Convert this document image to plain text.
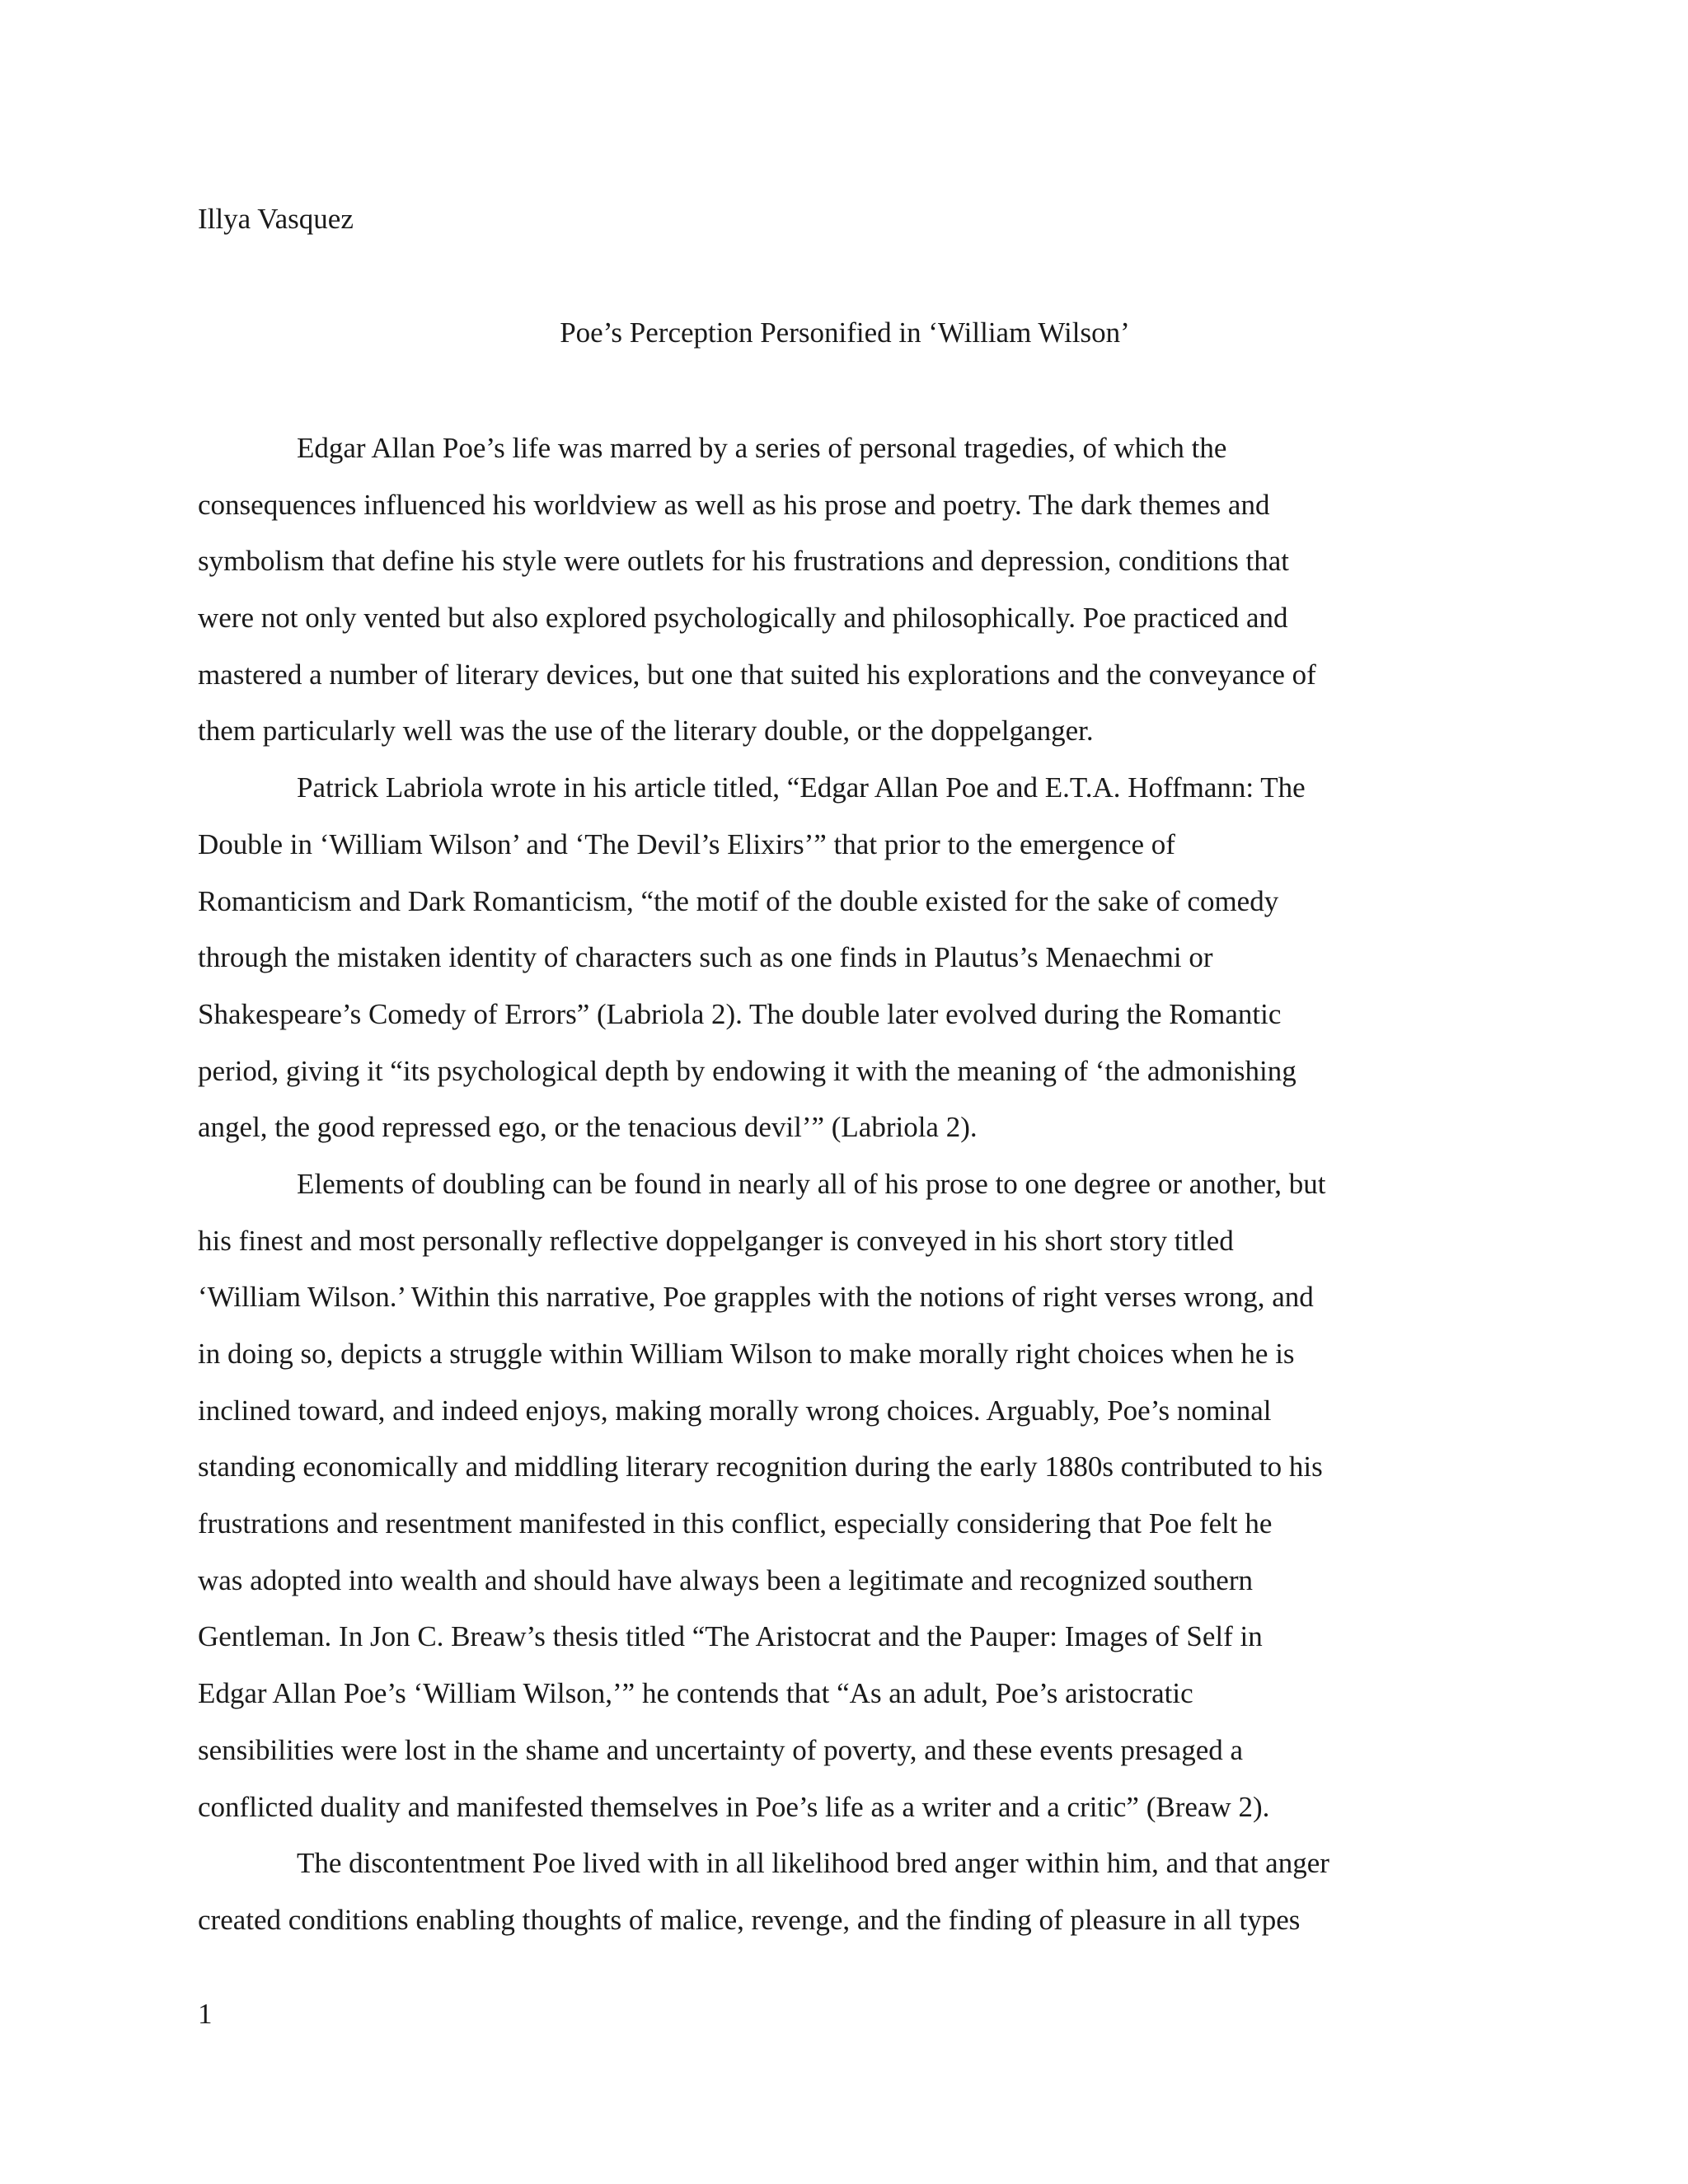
Illya Vasquez

Poe’s Perception Personified in ‘William Wilson’
Edgar Allan Poe’s life was marred by a series of personal tragedies, of which the
consequences influenced his worldview as well as his prose and poetry. The dark themes and
symbolism that define his style were outlets for his frustrations and depression, conditions that
were not only vented but also explored psychologically and philosophically. Poe practiced and
mastered a number of literary devices, but one that suited his explorations and the conveyance of
them particularly well was the use of the literary double, or the doppelganger.
Patrick Labriola wrote in his article titled, “Edgar Allan Poe and E.T.A. Hoffmann: The
Double in ‘William Wilson’ and ‘The Devil’s Elixirs’” that prior to the emergence of
Romanticism and Dark Romanticism, “the motif of the double existed for the sake of comedy
through the mistaken identity of characters such as one finds in Plautus’s Menaechmi or
Shakespeare’s Comedy of Errors” (Labriola 2). The double later evolved during the Romantic
period, giving it “its psychological depth by endowing it with the meaning of ‘the admonishing
angel, the good repressed ego, or the tenacious devil’” (Labriola 2).
Elements of doubling can be found in nearly all of his prose to one degree or another, but
his finest and most personally reflective doppelganger is conveyed in his short story titled
‘William Wilson.’ Within this narrative, Poe grapples with the notions of right verses wrong, and
in doing so, depicts a struggle within William Wilson to make morally right choices when he is
inclined toward, and indeed enjoys, making morally wrong choices. Arguably, Poe’s nominal
standing economically and middling literary recognition during the early 1880s contributed to his
frustrations and resentment manifested in this conflict, especially considering that Poe felt he
was adopted into wealth and should have always been a legitimate and recognized southern
Gentleman. In Jon C. Breaw’s thesis titled “The Aristocrat and the Pauper: Images of Self in
Edgar Allan Poe’s ‘William Wilson,’” he contends that “As an adult, Poe’s aristocratic
sensibilities were lost in the shame and uncertainty of poverty, and these events presaged a
conflicted duality and manifested themselves in Poe’s life as a writer and a critic” (Breaw 2).
The discontentment Poe lived with in all likelihood bred anger within him, and that anger
created conditions enabling thoughts of malice, revenge, and the finding of pleasure in all types

1
